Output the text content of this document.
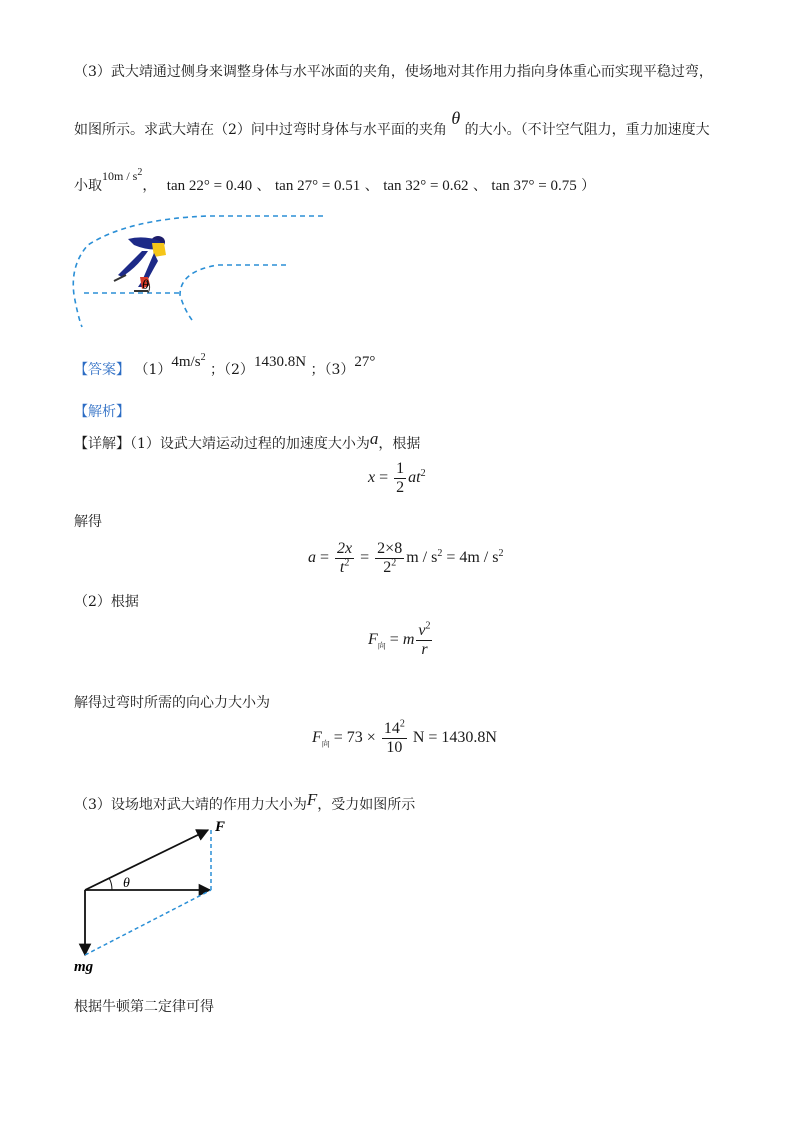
（3）武大靖通过侧身来调整身体与水平冰面的夹角，使场地对其作用力指向身体重心而实现平稳过弯，
如图所示。求武大靖在（2）问中过弯时身体与水平面的夹角 θ 的大小。（不计空气阻力，重力加速度大
小取$10m / s^2$， tan 22° = 0.40 、 tan 27° = 0.51 、 tan 32° = 0.62 、 tan 37° = 0.75 ）
θ
【答案】 $(1)4m/s^2$ ；（2）1430.8N ；（3）27°
【解析】
【详解】（1）设武大靖运动过程的加速度大小为a，根据
$x = \frac{1}{2} at^2$
解得
$a = \frac{2x}{t^2} = \frac{2\times 8}{2^2}$ $m / s^2 = 4m / s^2$
（2）根据
$F_向 = m \frac{v^2}{r}$
解得过弯时所需的向心力大小为
$F_向 = 73 \times \frac{14^2}{10}$ N = 1430.8N
（3）设场地对武大靖的作用力大小为F，受力如图所示
F
θ
mg
根据牛顿第二定律可得
